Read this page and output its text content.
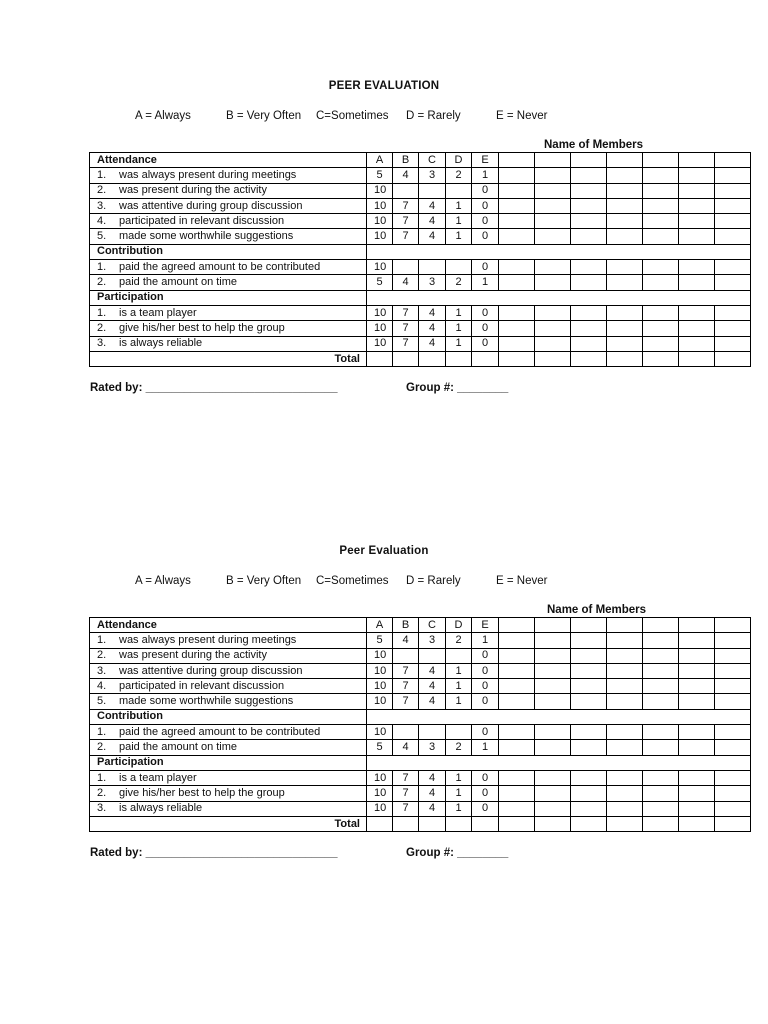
PEER EVALUATION
A = Always	B = Very Often C=Sometimes D = Rarely	E = Never
Name of Members
Attendance	A	B	C	D	E							
1. was always present during meetings	5	4	3	2	1							
2. was present during the activity	10				0							
3. was attentive during group discussion	10	7	4	1	0							
4. participated in relevant discussion	10	7	4	1	0							
5. made some worthwhile suggestions	10	7	4	1	0							
Contribution												
1. paid the agreed amount to be contributed	10				0							
2. paid the amount on time	5	4	3	2	1							
Participation												
1. is a team player	10	7	4	1	0							
2. give his/her best to help the group	10	7	4	1	0							
3. is always reliable	10	7	4	1	0							
Total												
Rated by: ______________________________	Group #: ________
Peer Evaluation
A = Always	B = Very Often C=Sometimes D = Rarely	E = Never
Name of Members
Attendance	A	B	C	D	E							
1. was always present during meetings	5	4	3	2	1							
2. was present during the activity	10				0							
3. was attentive during group discussion	10	7	4	1	0							
4. participated in relevant discussion	10	7	4	1	0							
5. made some worthwhile suggestions	10	7	4	1	0							
Contribution												
1. paid the agreed amount to be contributed	10				0							
2. paid the amount on time	5	4	3	2	1							
Participation												
1. is a team player	10	7	4	1	0							
2. give his/her best to help the group	10	7	4	1	0							
3. is always reliable	10	7	4	1	0							
Total												
Rated by: ______________________________	Group #: ________
